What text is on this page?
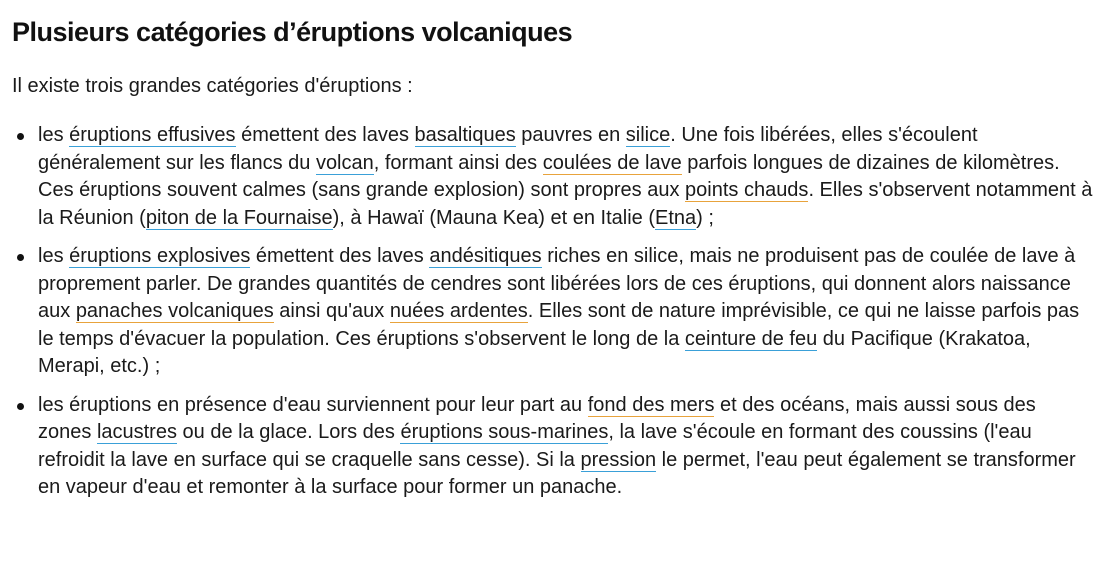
Plusieurs catégories d’éruptions volcaniques

Il existe trois grandes catégories d'éruptions :

les éruptions effusives émettent des laves basaltiques pauvres en silice. Une fois libérées, elles s'écoulent généralement sur les flancs du volcan, formant ainsi des coulées de lave parfois longues de dizaines de kilomètres. Ces éruptions souvent calmes (sans grande explosion) sont propres aux points chauds. Elles s'observent notamment à la Réunion (piton de la Fournaise), à Hawaï (Mauna Kea) et en Italie (Etna) ;
les éruptions explosives émettent des laves andésitiques riches en silice, mais ne produisent pas de coulée de lave à proprement parler. De grandes quantités de cendres sont libérées lors de ces éruptions, qui donnent alors naissance aux panaches volcaniques ainsi qu'aux nuées ardentes. Elles sont de nature imprévisible, ce qui ne laisse parfois pas le temps d'évacuer la population. Ces éruptions s'observent le long de la ceinture de feu du Pacifique (Krakatoa, Merapi, etc.) ;
les éruptions en présence d'eau surviennent pour leur part au fond des mers et des océans, mais aussi sous des zones lacustres ou de la glace. Lors des éruptions sous-marines, la lave s'écoule en formant des coussins (l'eau refroidit la lave en surface qui se craquelle sans cesse). Si la pression le permet, l'eau peut également se transformer en vapeur d'eau et remonter à la surface pour former un panache.
